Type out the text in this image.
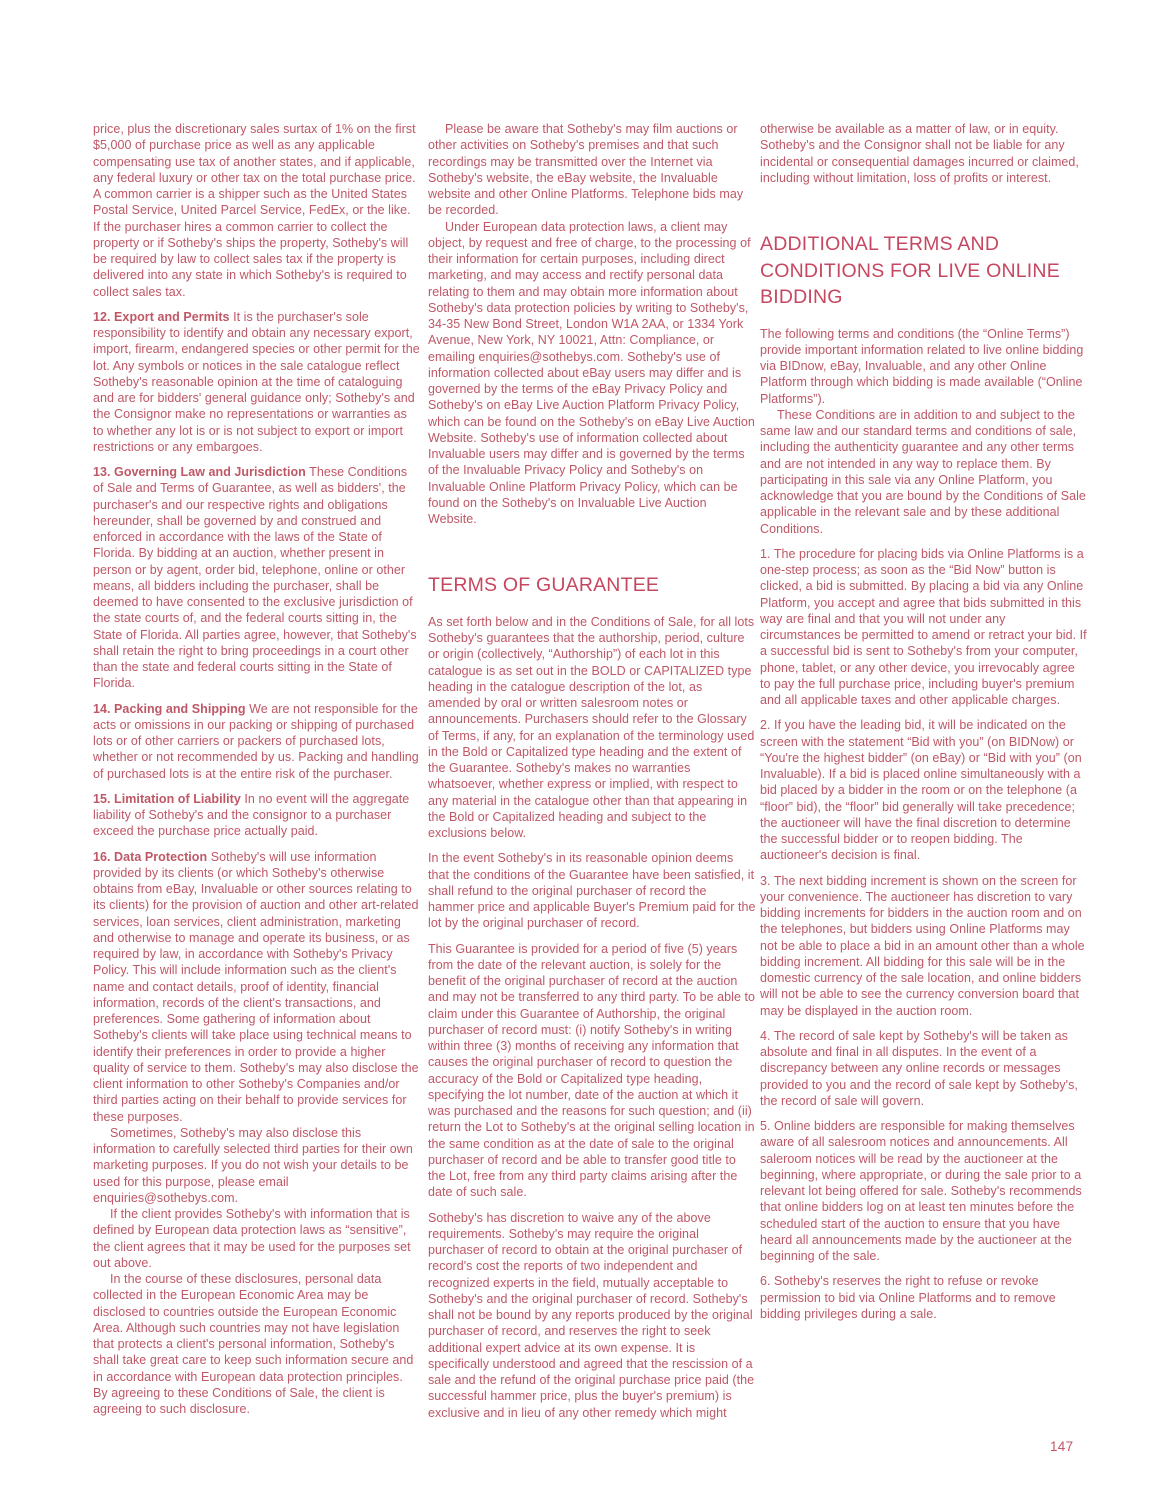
price, plus the discretionary sales surtax of 1% on the first $5,000 of purchase price as well as any applicable compensating use tax of another states, and if applicable, any federal luxury or other tax on the total purchase price. A common carrier is a shipper such as the United States Postal Service, United Parcel Service, FedEx, or the like. If the purchaser hires a common carrier to collect the property or if Sotheby's ships the property, Sotheby's will be required by law to collect sales tax if the property is delivered into any state in which Sotheby's is required to collect sales tax.

12. Export and Permits It is the purchaser's sole responsibility to identify and obtain any necessary export, import, firearm, endangered species or other permit for the lot. Any symbols or notices in the sale catalogue reflect Sotheby's reasonable opinion at the time of cataloguing and are for bidders' general guidance only; Sotheby's and the Consignor make no representations or warranties as to whether any lot is or is not subject to export or import restrictions or any embargoes.

13. Governing Law and Jurisdiction These Conditions of Sale and Terms of Guarantee, as well as bidders', the purchaser's and our respective rights and obligations hereunder, shall be governed by and construed and enforced in accordance with the laws of the State of Florida. By bidding at an auction, whether present in person or by agent, order bid, telephone, online or other means, all bidders including the purchaser, shall be deemed to have consented to the exclusive jurisdiction of the state courts of, and the federal courts sitting in, the State of Florida. All parties agree, however, that Sotheby's shall retain the right to bring proceedings in a court other than the state and federal courts sitting in the State of Florida.

14. Packing and Shipping We are not responsible for the acts or omissions in our packing or shipping of purchased lots or of other carriers or packers of purchased lots, whether or not recommended by us. Packing and handling of purchased lots is at the entire risk of the purchaser.

15. Limitation of Liability In no event will the aggregate liability of Sotheby's and the consignor to a purchaser exceed the purchase price actually paid.

16. Data Protection Sotheby's will use information provided by its clients (or which Sotheby's otherwise obtains from eBay, Invaluable or other sources relating to its clients) for the provision of auction and other art-related services, loan services, client administration, marketing and otherwise to manage and operate its business, or as required by law, in accordance with Sotheby's Privacy Policy. This will include information such as the client's name and contact details, proof of identity, financial information, records of the client's transactions, and preferences. Some gathering of information about Sotheby's clients will take place using technical means to identify their preferences in order to provide a higher quality of service to them. Sotheby's may also disclose the client information to other Sotheby's Companies and/or third parties acting on their behalf to provide services for these purposes.

Sometimes, Sotheby's may also disclose this information to carefully selected third parties for their own marketing purposes. If you do not wish your details to be used for this purpose, please email enquiries@sothebys.com.

If the client provides Sotheby's with information that is defined by European data protection laws as “sensitive”, the client agrees that it may be used for the purposes set out above.

In the course of these disclosures, personal data collected in the European Economic Area may be disclosed to countries outside the European Economic Area. Although such countries may not have legislation that protects a client's personal information, Sotheby's shall take great care to keep such information secure and in accordance with European data protection principles. By agreeing to these Conditions of Sale, the client is agreeing to such disclosure.

Please be aware that Sotheby's may film auctions or other activities on Sotheby's premises and that such recordings may be transmitted over the Internet via Sotheby's website, the eBay website, the Invaluable website and other Online Platforms. Telephone bids may be recorded.

Under European data protection laws, a client may object, by request and free of charge, to the processing of their information for certain purposes, including direct marketing, and may access and rectify personal data relating to them and may obtain more information about Sotheby's data protection policies by writing to Sotheby's, 34-35 New Bond Street, London W1A 2AA, or 1334 York Avenue, New York, NY 10021, Attn: Compliance, or emailing enquiries@sothebys.com. Sotheby's use of information collected about eBay users may differ and is governed by the terms of the eBay Privacy Policy and Sotheby's on eBay Live Auction Platform Privacy Policy, which can be found on the Sotheby's on eBay Live Auction Website. Sotheby's use of information collected about Invaluable users may differ and is governed by the terms of the Invaluable Privacy Policy and Sotheby's on Invaluable Online Platform Privacy Policy, which can be found on the Sotheby's on Invaluable Live Auction Website.

TERMS OF GUARANTEE

As set forth below and in the Conditions of Sale, for all lots Sotheby's guarantees that the authorship, period, culture or origin (collectively, “Authorship”) of each lot in this catalogue is as set out in the BOLD or CAPITALIZED type heading in the catalogue description of the lot, as amended by oral or written salesroom notes or announcements. Purchasers should refer to the Glossary of Terms, if any, for an explanation of the terminology used in the Bold or Capitalized type heading and the extent of the Guarantee. Sotheby's makes no warranties whatsoever, whether express or implied, with respect to any material in the catalogue other than that appearing in the Bold or Capitalized heading and subject to the exclusions below.

In the event Sotheby's in its reasonable opinion deems that the conditions of the Guarantee have been satisfied, it shall refund to the original purchaser of record the hammer price and applicable Buyer's Premium paid for the lot by the original purchaser of record.

This Guarantee is provided for a period of five (5) years from the date of the relevant auction, is solely for the benefit of the original purchaser of record at the auction and may not be transferred to any third party. To be able to claim under this Guarantee of Authorship, the original purchaser of record must: (i) notify Sotheby's in writing within three (3) months of receiving any information that causes the original purchaser of record to question the accuracy of the Bold or Capitalized type heading, specifying the lot number, date of the auction at which it was purchased and the reasons for such question; and (ii) return the Lot to Sotheby's at the original selling location in the same condition as at the date of sale to the original purchaser of record and be able to transfer good title to the Lot, free from any third party claims arising after the date of such sale.

Sotheby's has discretion to waive any of the above requirements. Sotheby's may require the original purchaser of record to obtain at the original purchaser of record's cost the reports of two independent and recognized experts in the field, mutually acceptable to Sotheby's and the original purchaser of record. Sotheby's shall not be bound by any reports produced by the original purchaser of record, and reserves the right to seek additional expert advice at its own expense. It is specifically understood and agreed that the rescission of a sale and the refund of the original purchase price paid (the successful hammer price, plus the buyer's premium) is exclusive and in lieu of any other remedy which might

otherwise be available as a matter of law, or in equity. Sotheby's and the Consignor shall not be liable for any incidental or consequential damages incurred or claimed, including without limitation, loss of profits or interest.

ADDITIONAL TERMS AND CONDITIONS FOR LIVE ONLINE BIDDING

The following terms and conditions (the “Online Terms”) provide important information related to live online bidding via BIDnow, eBay, Invaluable, and any other Online Platform through which bidding is made available (“Online Platforms”).

These Conditions are in addition to and subject to the same law and our standard terms and conditions of sale, including the authenticity guarantee and any other terms and are not intended in any way to replace them. By participating in this sale via any Online Platform, you acknowledge that you are bound by the Conditions of Sale applicable in the relevant sale and by these additional Conditions.

1. The procedure for placing bids via Online Platforms is a one-step process; as soon as the “Bid Now” button is clicked, a bid is submitted. By placing a bid via any Online Platform, you accept and agree that bids submitted in this way are final and that you will not under any circumstances be permitted to amend or retract your bid. If a successful bid is sent to Sotheby's from your computer, phone, tablet, or any other device, you irrevocably agree to pay the full purchase price, including buyer's premium and all applicable taxes and other applicable charges.

2. If you have the leading bid, it will be indicated on the screen with the statement “Bid with you” (on BIDNow) or “You're the highest bidder” (on eBay) or “Bid with you” (on Invaluable). If a bid is placed online simultaneously with a bid placed by a bidder in the room or on the telephone (a “floor” bid), the “floor” bid generally will take precedence; the auctioneer will have the final discretion to determine the successful bidder or to reopen bidding. The auctioneer's decision is final.

3. The next bidding increment is shown on the screen for your convenience. The auctioneer has discretion to vary bidding increments for bidders in the auction room and on the telephones, but bidders using Online Platforms may not be able to place a bid in an amount other than a whole bidding increment. All bidding for this sale will be in the domestic currency of the sale location, and online bidders will not be able to see the currency conversion board that may be displayed in the auction room.

4. The record of sale kept by Sotheby's will be taken as absolute and final in all disputes. In the event of a discrepancy between any online records or messages provided to you and the record of sale kept by Sotheby's, the record of sale will govern.

5. Online bidders are responsible for making themselves aware of all salesroom notices and announcements. All saleroom notices will be read by the auctioneer at the beginning, where appropriate, or during the sale prior to a relevant lot being offered for sale. Sotheby's recommends that online bidders log on at least ten minutes before the scheduled start of the auction to ensure that you have heard all announcements made by the auctioneer at the beginning of the sale.

6. Sotheby's reserves the right to refuse or revoke permission to bid via Online Platforms and to remove bidding privileges during a sale.

147
